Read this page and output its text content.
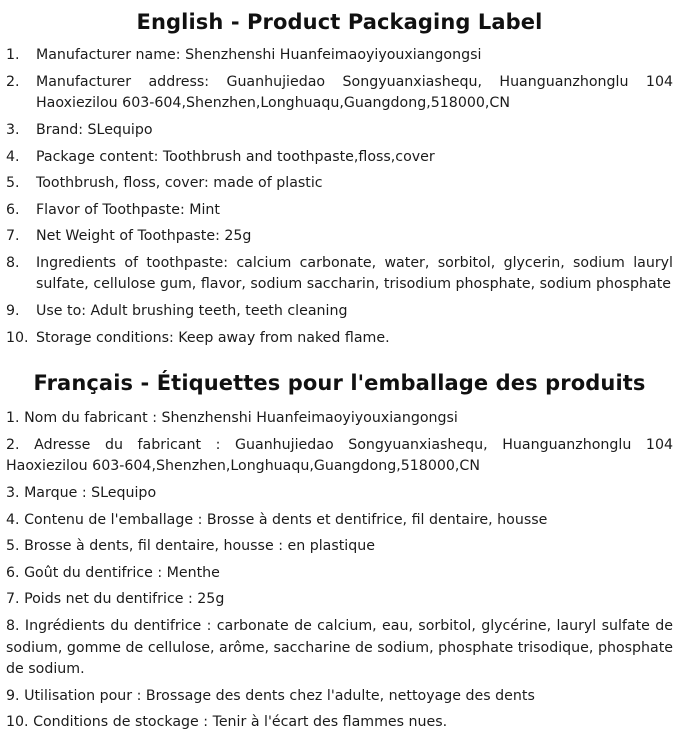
English - Product Packaging Label

1. Manufacturer name: Shenzhenshi Huanfeimaoyiyouxiangongsi

2. Manufacturer address: Guanhujiedao Songyuanxiashequ, Huanguanzhonglu 104 Haoxiezilou 603-604,Shenzhen,Longhuaqu,Guangdong,518000,CN

3. Brand: SLequipo

4. Package content: Toothbrush and toothpaste,floss,cover

5. Toothbrush, floss, cover: made of plastic

6. Flavor of Toothpaste: Mint

7. Net Weight of Toothpaste: 25g

8. Ingredients of toothpaste: calcium carbonate, water, sorbitol, glycerin, sodium lauryl sulfate, cellulose gum, flavor, sodium saccharin, trisodium phosphate, sodium phosphate

9. Use to: Adult brushing teeth, teeth cleaning

10. Storage conditions: Keep away from naked flame.

Français - Étiquettes pour l'emballage des produits

1. Nom du fabricant : Shenzhenshi Huanfeimaoyiyouxiangongsi

2. Adresse du fabricant : Guanhujiedao Songyuanxiashequ, Huanguanzhonglu 104 Haoxiezilou 603-604,Shenzhen,Longhuaqu,Guangdong,518000,CN

3. Marque : SLequipo

4. Contenu de l'emballage : Brosse à dents et dentifrice, fil dentaire, housse

5. Brosse à dents, fil dentaire, housse : en plastique

6. Goût du dentifrice : Menthe

7. Poids net du dentifrice : 25g

8. Ingrédients du dentifrice : carbonate de calcium, eau, sorbitol, glycérine, lauryl sulfate de sodium, gomme de cellulose, arôme, saccharine de sodium, phosphate trisodique, phosphate de sodium.

9. Utilisation pour : Brossage des dents chez l'adulte, nettoyage des dents

10. Conditions de stockage : Tenir à l'écart des flammes nues.
